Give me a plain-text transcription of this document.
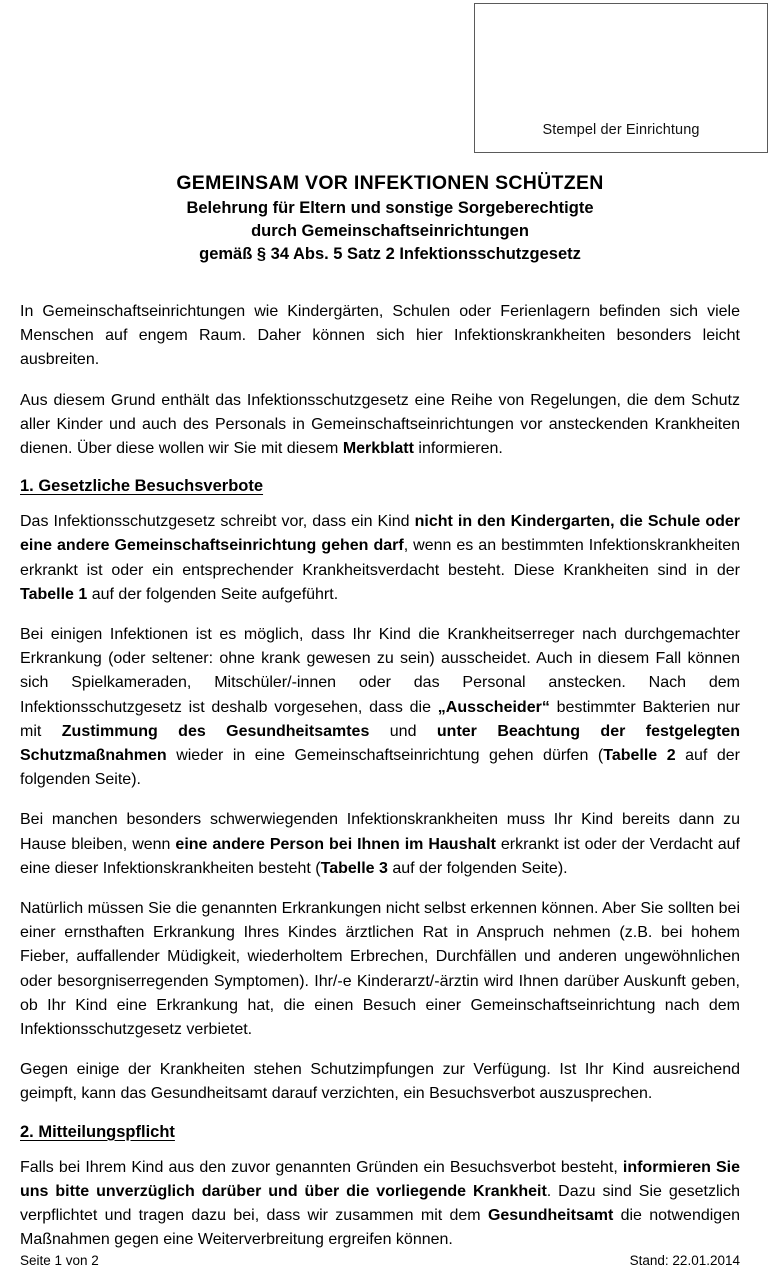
Stempel der Einrichtung
GEMEINSAM VOR INFEKTIONEN SCHÜTZEN
Belehrung für Eltern und sonstige Sorgeberechtigte
durch Gemeinschaftseinrichtungen
gemäß § 34 Abs. 5 Satz 2 Infektionsschutzgesetz

In Gemeinschaftseinrichtungen wie Kindergärten, Schulen oder Ferienlagern befinden sich viele Menschen auf engem Raum. Daher können sich hier Infektionskrankheiten besonders leicht ausbreiten.

Aus diesem Grund enthält das Infektionsschutzgesetz eine Reihe von Regelungen, die dem Schutz aller Kinder und auch des Personals in Gemeinschaftseinrichtungen vor ansteckenden Krankheiten dienen. Über diese wollen wir Sie mit diesem Merkblatt informieren.

1. Gesetzliche Besuchsverbote

Das Infektionsschutzgesetz schreibt vor, dass ein Kind nicht in den Kindergarten, die Schule oder eine andere Gemeinschaftseinrichtung gehen darf, wenn es an bestimmten Infektionskrankheiten erkrankt ist oder ein entsprechender Krankheitsverdacht besteht. Diese Krankheiten sind in der Tabelle 1 auf der folgenden Seite aufgeführt.

Bei einigen Infektionen ist es möglich, dass Ihr Kind die Krankheitserreger nach durchgemachter Erkrankung (oder seltener: ohne krank gewesen zu sein) ausscheidet. Auch in diesem Fall können sich Spielkameraden, Mitschüler/-innen oder das Personal anstecken. Nach dem Infektionsschutzgesetz ist deshalb vorgesehen, dass die „Ausscheider“ bestimmter Bakterien nur mit Zustimmung des Gesundheitsamtes und unter Beachtung der festgelegten Schutzmaßnahmen wieder in eine Gemeinschaftseinrichtung gehen dürfen (Tabelle 2 auf der folgenden Seite).

Bei manchen besonders schwerwiegenden Infektionskrankheiten muss Ihr Kind bereits dann zu Hause bleiben, wenn eine andere Person bei Ihnen im Haushalt erkrankt ist oder der Verdacht auf eine dieser Infektionskrankheiten besteht (Tabelle 3 auf der folgenden Seite).

Natürlich müssen Sie die genannten Erkrankungen nicht selbst erkennen können. Aber Sie sollten bei einer ernsthaften Erkrankung Ihres Kindes ärztlichen Rat in Anspruch nehmen (z.B. bei hohem Fieber, auffallender Müdigkeit, wiederholtem Erbrechen, Durchfällen und anderen ungewöhnlichen oder besorgniserregenden Symptomen). Ihr/-e Kinderarzt/-ärztin wird Ihnen darüber Auskunft geben, ob Ihr Kind eine Erkrankung hat, die einen Besuch einer Gemeinschaftseinrichtung nach dem Infektionsschutzgesetz verbietet.

Gegen einige der Krankheiten stehen Schutzimpfungen zur Verfügung. Ist Ihr Kind ausreichend geimpft, kann das Gesundheitsamt darauf verzichten, ein Besuchsverbot auszusprechen.

2. Mitteilungspflicht

Falls bei Ihrem Kind aus den zuvor genannten Gründen ein Besuchsverbot besteht, informieren Sie uns bitte unverzüglich darüber und über die vorliegende Krankheit. Dazu sind Sie gesetzlich verpflichtet und tragen dazu bei, dass wir zusammen mit dem Gesundheitsamt die notwendigen Maßnahmen gegen eine Weiterverbreitung ergreifen können.

Seite 1 von 2	Stand: 22.01.2014
